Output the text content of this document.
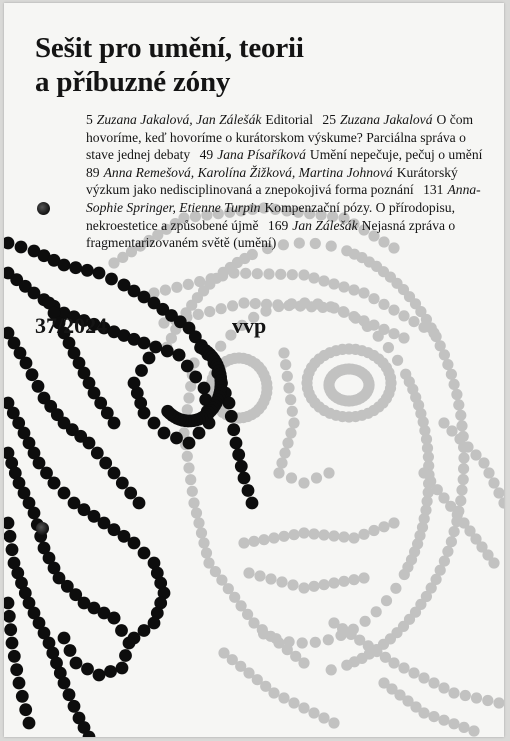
Sešit pro umění, teorii
a příbuzné zóny

5 Zuzana Jakalová, Jan Zálešák Editorial 25 Zuzana Jakalová O čom hovoríme, keď hovoríme o kurátorskom výskume? Parciálna správa o stave jednej debaty 49 Jana Písaříková Umění nepečuje, pečuj o umění 89 Anna Remešová, Karolína Žižková, Martina Johnová Kurátorský výzkum jako nedisciplinovaná a znepokojivá forma poznání 131 Anna-Sophie Springer, Etienne Turpin Kompenzační pózy. O přírodopisu, nekroestetice a způsobené újmě 169 Jan Zálešák Nejasná zpráva o fragmentarizovaném světě (umění)

37/2024	vvp
